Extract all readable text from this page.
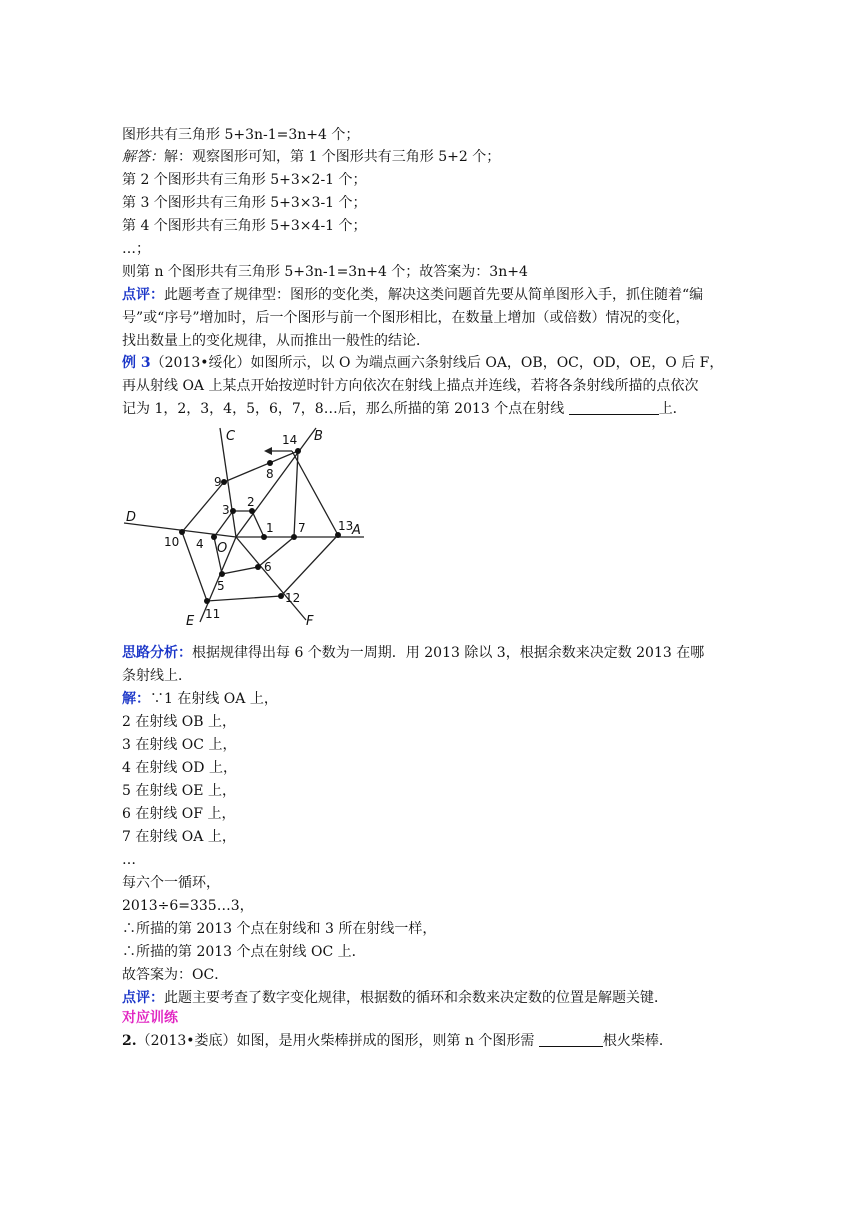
图形共有三角形 5+3n-1=3n+4 个；
解答：解：观察图形可知，第 1 个图形共有三角形 5+2 个；
第 2 个图形共有三角形 5+3×2-1 个；
第 3 个图形共有三角形 5+3×3-1 个；
第 4 个图形共有三角形 5+3×4-1 个；
…；
则第 n 个图形共有三角形 5+3n-1=3n+4 个；故答案为：3n+4
点评：此题考查了规律型：图形的变化类，解决这类问题首先要从简单图形入手，抓住随着“编
号”或“序号”增加时，后一个图形与前一个图形相比，在数量上增加（或倍数）情况的变化，
找出数量上的变化规律，从而推出一般性的结论．
例 3（2013•绥化）如图所示，以 O 为端点画六条射线后 OA，OB，OC，OD，OE，O 后 F，
再从射线 OA 上某点开始按逆时针方向依次在射线上描点并连线，若将各条射线所描的点依次
记为 1，2，3，4，5，6，7，8…后，那么所描的第 2013 个点在射线	上．
1
2
3
4
5
6
7
8
9
10
11
12
13
14
A
B
C
D
E	F
O
思路分析：根据规律得出每 6 个数为一周期．用 2013 除以 3，根据余数来决定数 2013 在哪
条射线上．
解：∵1 在射线 OA 上，
2 在射线 OB 上，
3 在射线 OC 上，
4 在射线 OD 上，
5 在射线 OE 上，
6 在射线 OF 上，
7 在射线 OA 上，
…
每六个一循环，
2013÷6=335…3，
∴所描的第 2013 个点在射线和 3 所在射线一样，
∴所描的第 2013 个点在射线 OC 上．
故答案为：OC．
点评：此题主要考查了数字变化规律，根据数的循环和余数来决定数的位置是解题关键．
对应训练
2.（2013•娄底）如图，是用火柴棒拼成的图形，则第 n 个图形需	根火柴棒．
